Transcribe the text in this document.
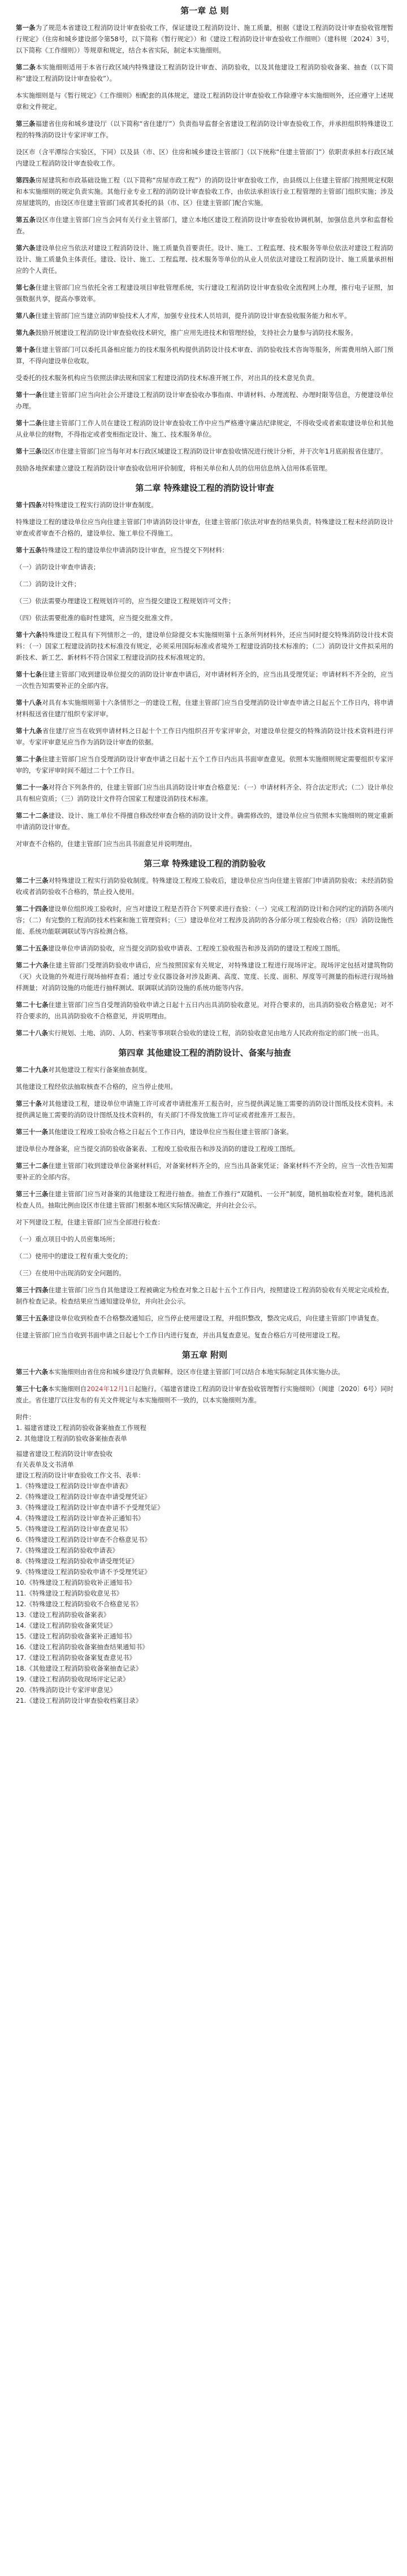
第一章 总 则

第一条为了规范本省建设工程消防设计审查验收工作，保证建设工程消防设计、施工质量，根据《建设工程消防设计审查验收管理暂行规定》（住房和城乡建设部令第58号，以下简称《暂行规定》）和《建设工程消防设计审查验收工作细则》（建科规〔2024〕3号，以下简称《工作细则》）等规章和规定，结合本省实际，制定本实施细则。

第二条本实施细则适用于本省行政区域内特殊建设工程消防设计审查、消防验收，以及其他建设工程消防验收备案、抽查（以下简称“建设工程消防设计审查验收”）。

本实施细则是与《暂行规定》《工作细则》相配套的具体规定，建设工程消防设计审查验收工作除遵守本实施细则外，还应遵守上述规章和文件规定。

第三条福建省住房和城乡建设厅（以下简称“省住建厅”）负责指导监督全省建设工程消防设计审查验收工作，并承担组织特殊建设工程的特殊消防设计专家评审工作。

设区市（含平潭综合实验区，下同）以及县（市、区）住房和城乡建设主管部门（以下统称“住建主管部门”）依职责承担本行政区域内建设工程消防设计审查验收工作。

第四条房屋建筑和市政基础设施工程（以下简称“房屋市政工程”）的消防设计审查验收工作，由县级以上住建主管部门按照规定权限和本实施细则的规定负责实施。其他行业专业工程的消防设计审查验收工作，由依法承担该行业工程管理的主管部门组织实施；涉及房屋建筑的，由设区市住建主管部门或者其委托的县（市、区）住建主管部门配合实施。

第五条设区市住建主管部门应当会同有关行业主管部门，建立本地区建设工程消防设计审查验收协调机制，加强信息共享和监督检查。

第六条建设单位应当依法对建设工程消防设计、施工质量负首要责任。设计、施工、工程监理、技术服务等单位依法对建设工程消防设计、施工质量负主体责任。建设、设计、施工、工程监理、技术服务等单位的从业人员依法对建设工程消防设计、施工质量承担相应的个人责任。

第七条住建主管部门应当依托全省工程建设项目审批管理系统，实行建设工程消防设计审查验收全流程网上办理，推行电子证照，加强数据共享，提高办事效率。

第八条住建主管部门应当建立消防审验技术人才库，加强专业技术人员培训，提升消防设计审查验收服务能力和水平。

第九条鼓励开展建设工程消防设计审查验收技术研究，推广应用先进技术和管理经验，支持社会力量参与消防技术服务。

第十条住建主管部门可以委托具备相应能力的技术服务机构提供消防设计技术审查、消防验收技术咨询等服务，所需费用纳入部门预算，不得向建设单位收取。

受委托的技术服务机构应当依照法律法规和国家工程建设消防技术标准开展工作，对出具的技术意见负责。

第十一条住建主管部门应当向社会公开建设工程消防设计审查验收办事指南、申请材料、办理流程、办理时限等信息，方便建设单位办理。

第十二条住建主管部门工作人员在建设工程消防设计审查验收工作中应当严格遵守廉洁纪律规定，不得收受或者索取建设单位和其他从业单位的财物，不得指定或者变相指定设计、施工、技术服务单位。

第十三条设区市住建主管部门应当每年对本行政区域建设工程消防设计审查验收情况进行统计分析，并于次年1月底前报省住建厅。

鼓励各地探索建立建设工程消防设计审查验收信用评价制度，将相关单位和人员的信用信息纳入信用体系管理。

第二章 特殊建设工程的消防设计审查

第十四条对特殊建设工程实行消防设计审查制度。

特殊建设工程的建设单位应当向住建主管部门申请消防设计审查，住建主管部门依法对审查的结果负责。特殊建设工程未经消防设计审查或者审查不合格的，建设单位、施工单位不得施工。

第十五条特殊建设工程的建设单位申请消防设计审查，应当提交下列材料：

（一）消防设计审查申请表；

（二）消防设计文件；

（三）依法需要办理建设工程规划许可的，应当提交建设工程规划许可文件；

（四）依法需要批准的临时性建筑，应当提交批准文件。

第十六条特殊建设工程具有下列情形之一的，建设单位除提交本实施细则第十五条所列材料外，还应当同时提交特殊消防设计技术资料：（一）国家工程建设消防技术标准没有规定，必须采用国际标准或者境外工程建设消防技术标准的；（二）消防设计文件拟采用的新技术、新工艺、新材料不符合国家工程建设消防技术标准规定的。

第十七条住建主管部门收到建设单位提交的消防设计审查申请后，对申请材料齐全的，应当出具受理凭证；申请材料不齐全的，应当一次性告知需要补正的全部内容。

第十八条对具有本实施细则第十六条情形之一的建设工程，住建主管部门应当自受理消防设计审查申请之日起五个工作日内，将申请材料报送省住建厅组织专家评审。

第十九条省住建厅应当在收到申请材料之日起十个工作日内组织召开专家评审会，对建设单位提交的特殊消防设计技术资料进行评审。专家评审意见应当作为消防设计审查的依据。

第二十条住建主管部门应当自受理消防设计审查申请之日起十五个工作日内出具书面审查意见。依照本实施细则规定需要组织专家评审的，专家评审时间不超过二十个工作日。

第二十一条对符合下列条件的，住建主管部门应当出具消防设计审查合格意见：（一）申请材料齐全、符合法定形式；（二）设计单位具有相应资质；（三）消防设计文件符合国家工程建设消防技术标准。

第二十二条建设、设计、施工单位不得擅自修改经审查合格的消防设计文件。确需修改的，建设单位应当依照本实施细则的规定重新申请消防设计审查。

对审查不合格的，住建主管部门应当出具书面意见并说明理由。

第三章 特殊建设工程的消防验收

第二十三条对特殊建设工程实行消防验收制度。特殊建设工程竣工验收后，建设单位应当向住建主管部门申请消防验收；未经消防验收或者消防验收不合格的，禁止投入使用。

第二十四条建设单位组织竣工验收时，应当对建设工程是否符合下列要求进行查验：（一）完成工程消防设计和合同约定的消防各项内容；（二）有完整的工程消防技术档案和施工管理资料；（三）建设单位对工程涉及消防的各分部分项工程验收合格；（四）消防设施性能、系统功能联调联试等内容检测合格。

第二十五条建设单位申请消防验收，应当提交消防验收申请表、工程竣工验收报告和涉及消防的建设工程竣工图纸。

第二十六条住建主管部门受理消防验收申请后，应当按照国家有关规定，对特殊建设工程进行现场评定。现场评定包括对建筑物防（灭）火设施的外观进行现场抽样查看；通过专业仪器设备对涉及距离、高度、宽度、长度、面积、厚度等可测量的指标进行现场抽样测量；对消防设施的功能进行抽样测试、联调联试消防设施的系统功能等内容。

第二十七条住建主管部门应当自受理消防验收申请之日起十五日内出具消防验收意见。对符合要求的，出具消防验收合格意见；对不符合要求的，出具消防验收不合格意见，并说明理由。

第二十八条实行规划、土地、消防、人防、档案等事项联合验收的建设工程，消防验收意见由地方人民政府指定的部门统一出具。

第四章 其他建设工程的消防设计、备案与抽查

第二十九条对其他建设工程实行备案抽查制度。

其他建设工程经依法抽取核查不合格的，应当停止使用。

第三十条对其他建设工程，建设单位申请施工许可或者申请批准开工报告时，应当提供满足施工需要的消防设计图纸及技术资料。未提供满足施工需要的消防设计图纸及技术资料的，有关部门不得发放施工许可证或者批准开工报告。

第三十一条其他建设工程竣工验收合格之日起五个工作日内，建设单位应当报住建主管部门备案。

建设单位办理备案，应当提交消防验收备案表、工程竣工验收报告和涉及消防的建设工程竣工图纸。

第三十二条住建主管部门收到建设单位备案材料后，对备案材料齐全的，应当出具备案凭证；备案材料不齐全的，应当一次性告知需要补正的全部内容。

第三十三条住建主管部门应当对备案的其他建设工程进行抽查。抽查工作推行“双随机、一公开”制度，随机抽取检查对象，随机选派检查人员。抽取比例由设区市住建主管部门根据本地区实际情况确定，并向社会公示。

对下列建设工程，住建主管部门应当全部进行检查：

（一）重点项目中的人员密集场所；

（二）使用中的建设工程有重大变化的；

（三）在使用中出现消防安全问题的。

第三十四条住建主管部门应当自其他建设工程被确定为检查对象之日起十五个工作日内，按照建设工程消防验收有关规定完成检查，制作检查记录。检查结果应当通知建设单位，并向社会公示。

第三十五条建设单位收到检查不合格整改通知后，应当停止使用建设工程，并组织整改，整改完成后，向住建主管部门申请复查。

住建主管部门应当自收到书面申请之日起七个工作日内进行复查，并出具复查意见。复查合格后方可使用建设工程。

第五章 附则

第三十六条本实施细则由省住房和城乡建设厅负责解释。设区市住建主管部门可以结合本地实际制定具体实施办法。

第三十七条本实施细则自2024年12月1日起施行。《福建省建设工程消防设计审查验收管理暂行实施细则》（闽建〔2020〕6号）同时废止。省住建厅以往发布的有关文件规定与本实施细则不一致的，以本实施细则为准。

附件：
1. 福建省建设工程消防验收备案抽查工作规程
2. 其他建设工程消防验收备案抽查表单
福建省建设工程消防设计审查验收
有关表单及文书清单
建设工程消防设计审查验收工作文书、表单：
1.《特殊建设工程消防设计审查申请表》
2.《特殊建设工程消防设计审查申请受理凭证》
3.《特殊建设工程消防设计审查申请不予受理凭证》
4.《特殊建设工程消防设计审查补正通知书》
5.《特殊建设工程消防设计审查意见书》
6.《特殊建设工程消防设计审查不合格意见书》
7.《特殊建设工程消防验收申请表》
8.《特殊建设工程消防验收申请受理凭证》
9.《特殊建设工程消防验收申请不予受理凭证》
10.《特殊建设工程消防验收补正通知书》
11.《特殊建设工程消防验收意见书》
12.《特殊建设工程消防验收不合格意见书》
13.《建设工程消防验收备案表》
14.《建设工程消防验收备案凭证》
15.《建设工程消防验收备案补正通知书》
16.《建设工程消防验收备案抽查结果通知书》
17.《建设工程消防验收备案复查意见书》
18.《其他建设工程消防验收备案抽查记录》
19.《建设工程消防验收现场评定记录》
20.《特殊消防设计专家评审意见》
21.《建设工程消防设计审查验收档案目录》
